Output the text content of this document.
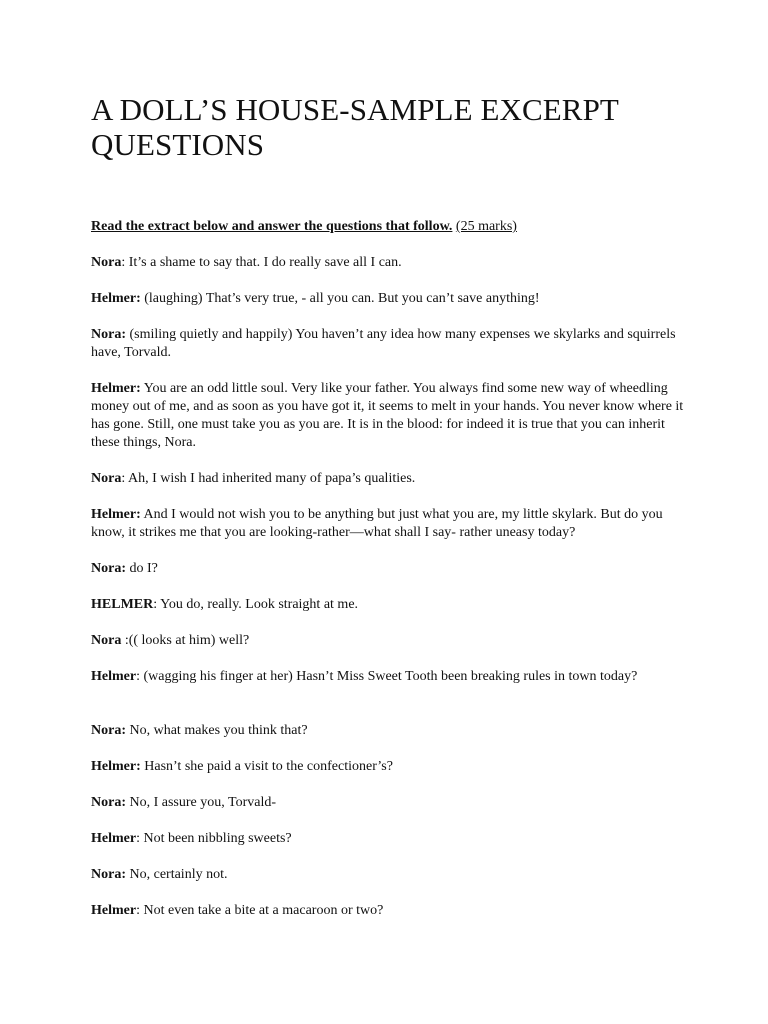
A DOLL’S HOUSE-SAMPLE EXCERPT
QUESTIONS

Read the extract below and answer the questions that follow. (25 marks)

Nora: It’s a shame to say that. I do really save all I can.

Helmer: (laughing) That’s very true, - all you can. But you can’t save anything!

Nora: (smiling quietly and happily) You haven’t any idea how many expenses we skylarks and squirrels have, Torvald.

Helmer: You are an odd little soul. Very like your father. You always find some new way of wheedling money out of me, and as soon as you have got it, it seems to melt in your hands. You never know where it has gone. Still, one must take you as you are. It is in the blood: for indeed it is true that you can inherit these things, Nora.

Nora: Ah, I wish I had inherited many of papa’s qualities.

Helmer: And I would not wish you to be anything but just what you are, my little skylark. But do you know, it strikes me that you are looking-rather—what shall I say- rather uneasy today?

Nora: do I?

HELMER: You do, really. Look straight at me.

Nora :(( looks at him) well?

Helmer: (wagging his finger at her) Hasn’t Miss Sweet Tooth been breaking rules in town today?

Nora: No, what makes you think that?

Helmer: Hasn’t she paid a visit to the confectioner’s?

Nora: No, I assure you, Torvald-

Helmer: Not been nibbling sweets?

Nora: No, certainly not.

Helmer: Not even take a bite at a macaroon or two?
